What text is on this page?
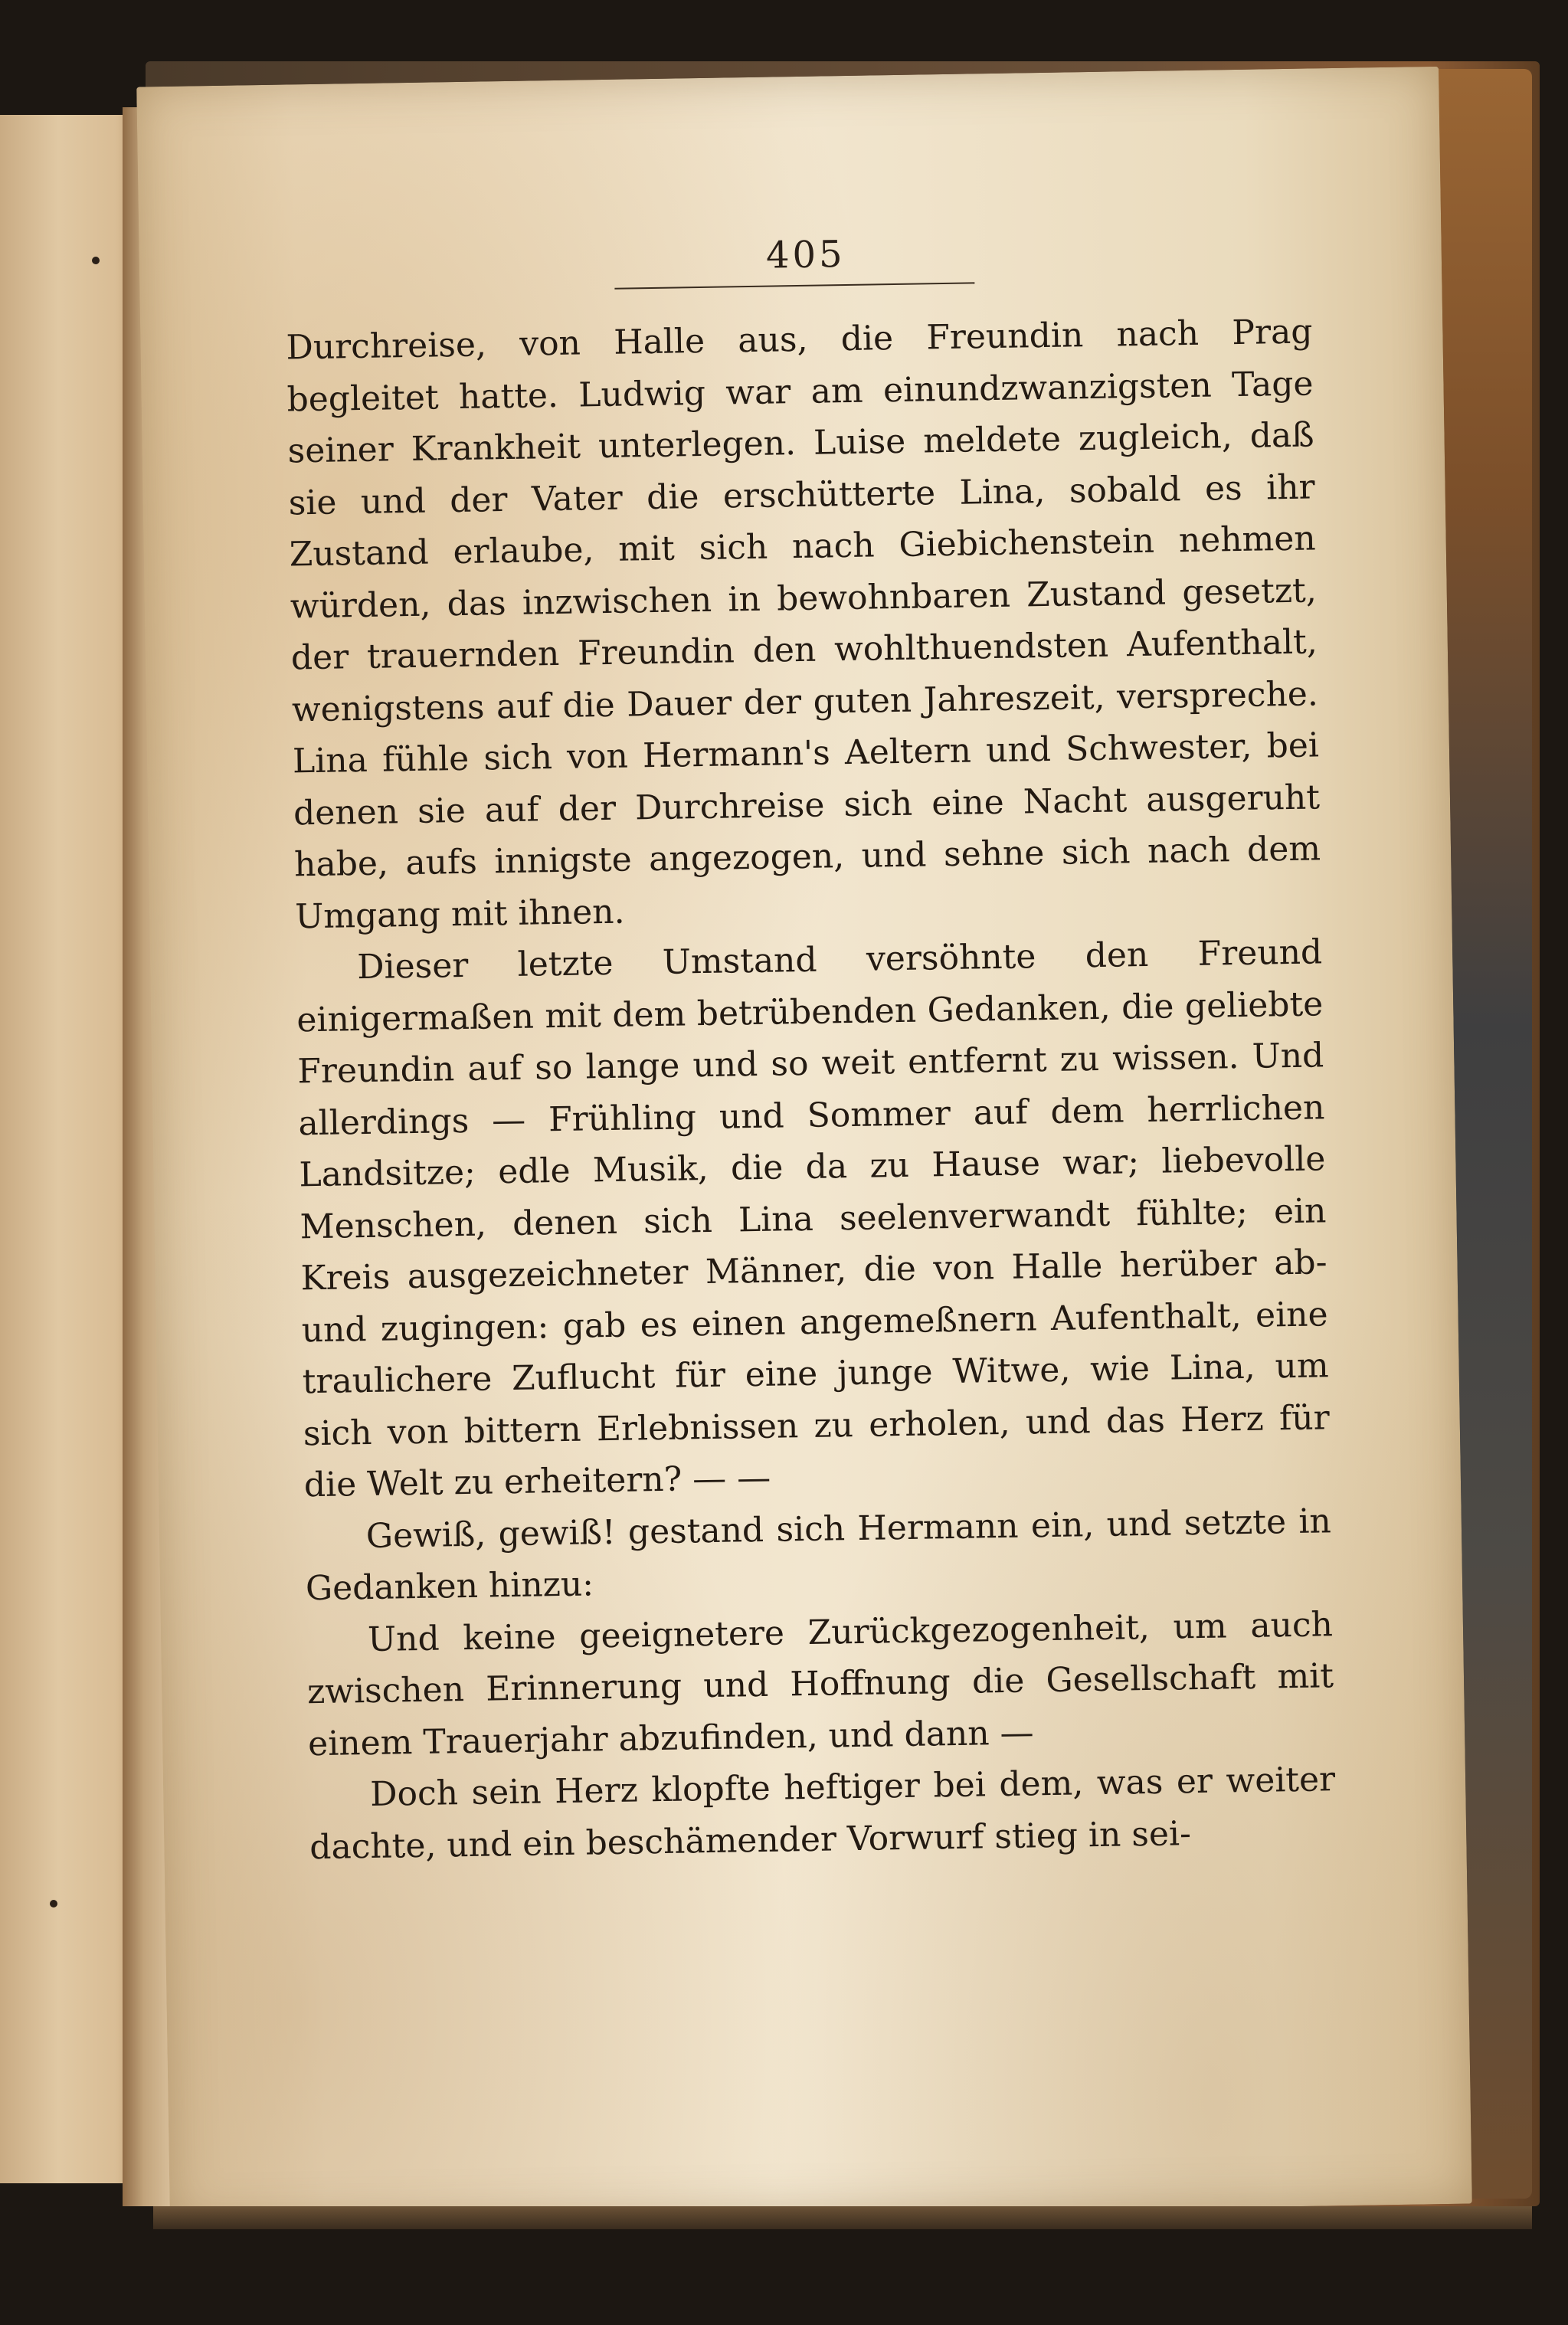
405

Durchreise, von Halle aus, die Freundin nach Prag begleitet hatte. Ludwig war am einundzwanzigsten Tage seiner Krankheit unterlegen. Luise meldete zugleich, daß sie und der Vater die erschütterte Lina, sobald es ihr Zustand erlaube, mit sich nach Giebichenstein nehmen würden, das inzwischen in bewohnbaren Zustand gesetzt, der trauernden Freundin den wohlthuendsten Aufenthalt, wenigstens auf die Dauer der guten Jahreszeit, verspreche. Lina fühle sich von Hermann's Aeltern und Schwester, bei denen sie auf der Durchreise sich eine Nacht ausgeruht habe, aufs innigste angezogen, und sehne sich nach dem Umgang mit ihnen.

Dieser letzte Umstand versöhnte den Freund einigermaßen mit dem betrübenden Gedanken, die geliebte Freundin auf so lange und so weit entfernt zu wissen. Und allerdings — Frühling und Sommer auf dem herrlichen Landsitze; edle Musik, die da zu Hause war; liebevolle Menschen, denen sich Lina seelenverwandt fühlte; ein Kreis ausgezeichneter Männer, die von Halle herüber ab- und zugingen: gab es einen angemeßnern Aufenthalt, eine traulichere Zuflucht für eine junge Witwe, wie Lina, um sich von bittern Erlebnissen zu erholen, und das Herz für die Welt zu erheitern? — —

Gewiß, gewiß! gestand sich Hermann ein, und setzte in Gedanken hinzu:

Und keine geeignetere Zurückgezogenheit, um auch zwischen Erinnerung und Hoffnung die Gesellschaft mit einem Trauerjahr abzufinden, und dann —

Doch sein Herz klopfte heftiger bei dem, was er weiter dachte, und ein beschämender Vorwurf stieg in sei-
